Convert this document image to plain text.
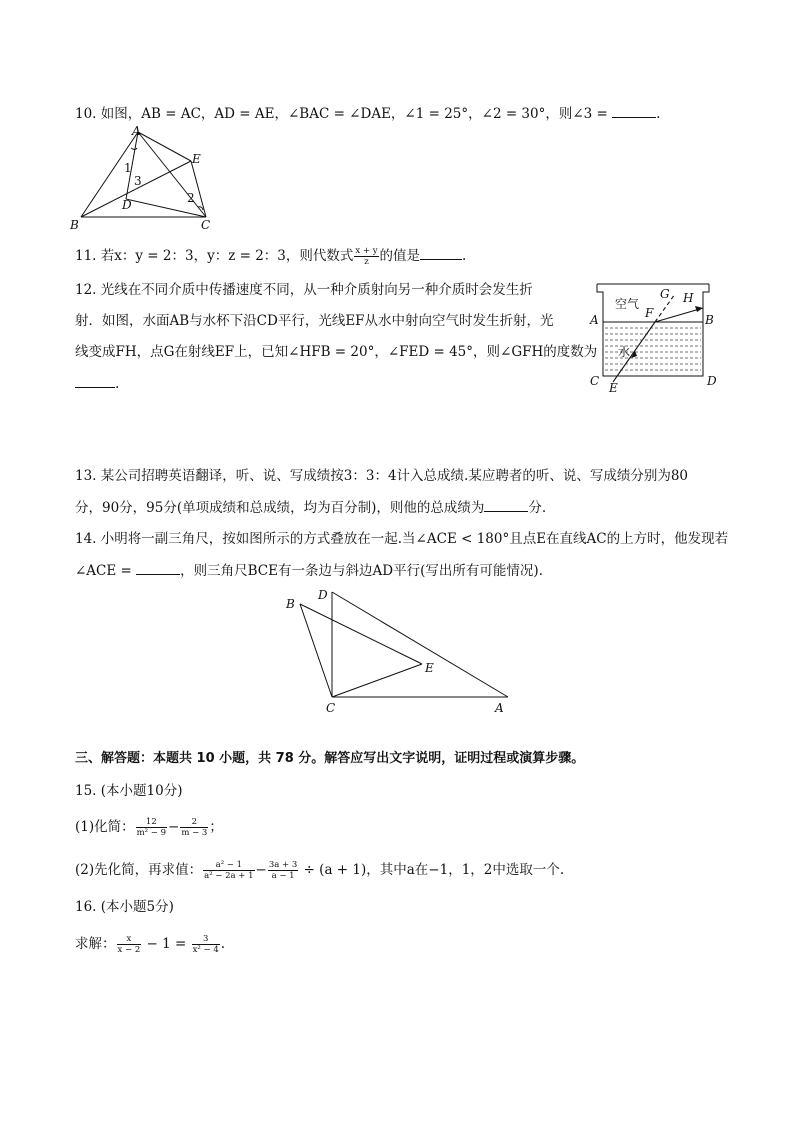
10. 如图，AB = AC，AD = AE，∠BAC = ∠DAE，∠1 = 25°，∠2 = 30°，则∠3 =	.
A
B	C
D
E
1
2
3
11. 若x：y = 2：3，y：z = 2：3，则代数式 $\frac{x + y}{z}$ 的值是	.
12. 光线在不同介质中传播速度不同，从一种介质射向另一种介质时会发生折
射．如图，水面AB与水杯下沿CD平行，光线EF从水中射向空气时发生折射，光
线变成FH，点G在射线EF上，已知∠HFB = 20°，∠FED = 45°，则∠GFH的度数为
.
空气
水
A	B
C	D
E
F
G H
13. 某公司招聘英语翻译，听、说、写成绩按3：3：4计入总成绩.某应聘者的听、说、写成绩分别为80
分，90分，95分(单项成绩和总成绩，均为百分制)，则他的总成绩为	分.
14. 小明将一副三角尺，按如图所示的方式叠放在一起.当∠ACE < 180°且点E在直线AC的上方时，他发现若
∠ACE =	，则三角尺BCE有一条边与斜边AD平行(写出所有可能情况).
D
B
E
C	A
三、解答题：本题共 10 小题，共 78 分。解答应写出文字说明，证明过程或演算步骤。
15. (本小题10分)
(1)化简： $\frac{12}{\text{m² − 9}} - \frac{2}{m - 3}$ ；
(2)先化简，再求值： $\frac{\text{a² − 1}}{\text{a² − 2a + 1}} - \frac{3a + 3}{a - 1} \div (a + 1)$，其中a在−1，1，2中选取一个.
16. (本小题5分)
求解： $\frac{x}{x - 2} - 1 = \frac{3}{\text{x² − 4}}$ .
